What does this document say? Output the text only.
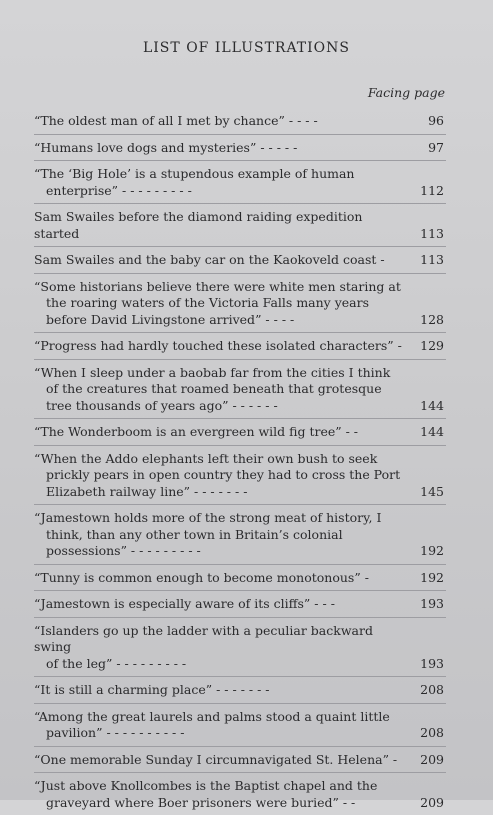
LIST OF ILLUSTRATIONS
Facing page
“The oldest man of all I met by chance” - - - -	96
“Humans love dogs and mysteries” - - - - -	97
“The ‘Big Hole’ is a stupendous example of human
enterprise” - - - - - - - - -	112
Sam Swailes before the diamond raiding expedition started	113
Sam Swailes and the baby car on the Kaokoveld coast -	113
“Some historians believe there were white men staring at
the roaring waters of the Victoria Falls many years
before David Livingstone arrived” - - - -	128
“Progress had hardly touched these isolated characters” -	129
“When I sleep under a baobab far from the cities I think
of the creatures that roamed beneath that grotesque
tree thousands of years ago” - - - - - -	144
“The Wonderboom is an evergreen wild fig tree” - -	144
“When the Addo elephants left their own bush to seek
prickly pears in open country they had to cross the Port
Elizabeth railway line” - - - - - - -	145
“Jamestown holds more of the strong meat of history, I
think, than any other town in Britain’s colonial
possessions” - - - - - - - - -	192
“Tunny is common enough to become monotonous” -	192
“Jamestown is especially aware of its cliffs” - - -	193
“Islanders go up the ladder with a peculiar backward swing
of the leg” - - - - - - - - -	193
“It is still a charming place” - - - - - - -	208
“Among the great laurels and palms stood a quaint little
pavilion” - - - - - - - - - -	208
“One memorable Sunday I circumnavigated St. Helena” -	209
“Just above Knollcombes is the Baptist chapel and the
graveyard where Boer prisoners were buried” - -	209
